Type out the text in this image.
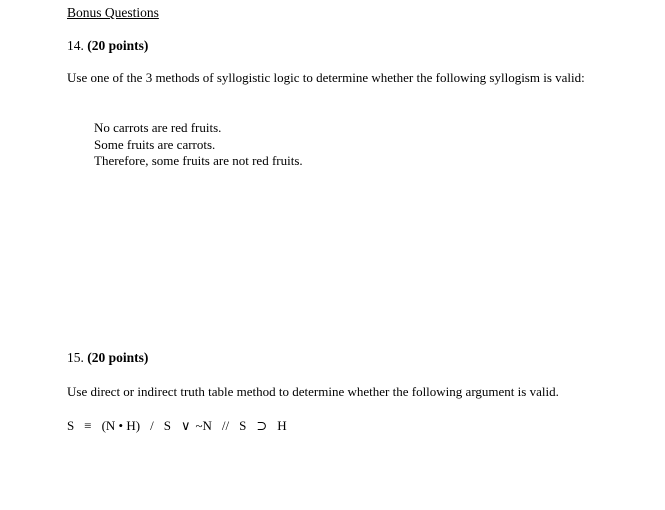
Bonus Questions
14. (20 points)
Use one of the 3 methods of syllogistic logic to determine whether the following syllogism is valid:
No carrots are red fruits.
Some fruits are carrots.
Therefore, some fruits are not red fruits.
15. (20 points)
Use direct or indirect truth table method to determine whether the following argument is valid.
S ≡ (N • H) / S ∨ ~N // S ⊃ H
